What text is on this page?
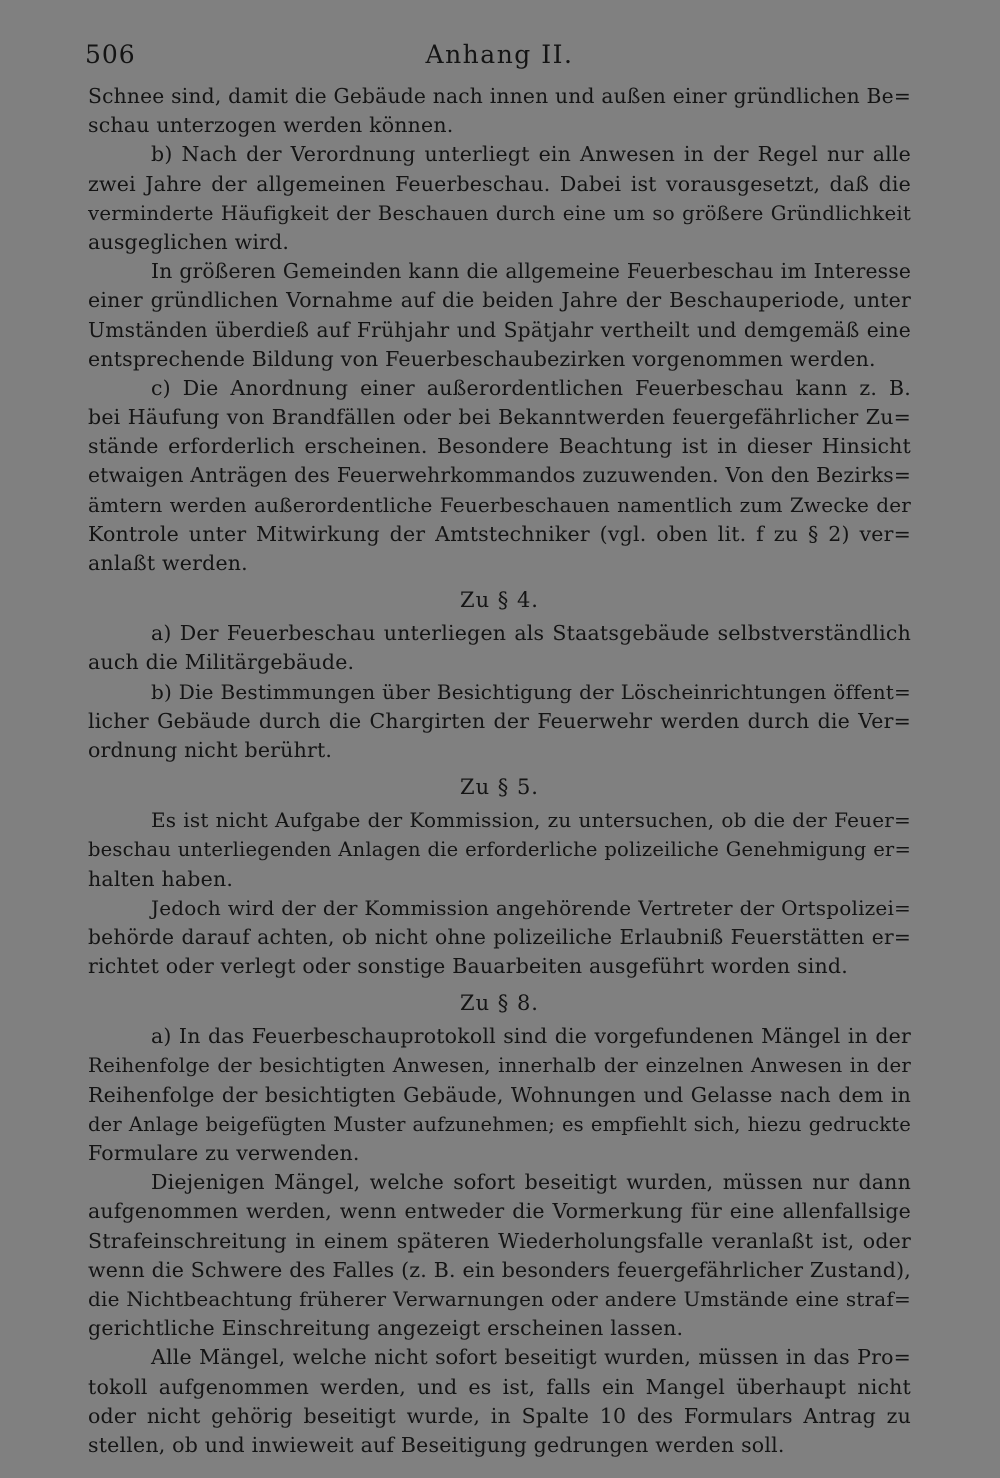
506	Anhang II.
Schnee sind, damit die Gebäude nach innen und außen einer gründlichen Be=
schau unterzogen werden können.
b) Nach der Verordnung unterliegt ein Anwesen in der Regel nur alle
zwei Jahre der allgemeinen Feuerbeschau. Dabei ist vorausgesetzt, daß die
verminderte Häufigkeit der Beschauen durch eine um so größere Gründlichkeit
ausgeglichen wird.
In größeren Gemeinden kann die allgemeine Feuerbeschau im Interesse
einer gründlichen Vornahme auf die beiden Jahre der Beschauperiode, unter
Umständen überdieß auf Frühjahr und Spätjahr vertheilt und demgemäß eine
entsprechende Bildung von Feuerbeschaubezirken vorgenommen werden.
c) Die Anordnung einer außerordentlichen Feuerbeschau kann z. B.
bei Häufung von Brandfällen oder bei Bekanntwerden feuergefährlicher Zu=
stände erforderlich erscheinen. Besondere Beachtung ist in dieser Hinsicht
etwaigen Anträgen des Feuerwehrkommandos zuzuwenden. Von den Bezirks=
ämtern werden außerordentliche Feuerbeschauen namentlich zum Zwecke der
Kontrole unter Mitwirkung der Amtstechniker (vgl. oben lit. f zu § 2) ver=
anlaßt werden.
Zu § 4.
a) Der Feuerbeschau unterliegen als Staatsgebäude selbstverständlich
auch die Militärgebäude.
b) Die Bestimmungen über Besichtigung der Löscheinrichtungen öffent=
licher Gebäude durch die Chargirten der Feuerwehr werden durch die Ver=
ordnung nicht berührt.
Zu § 5.
Es ist nicht Aufgabe der Kommission, zu untersuchen, ob die der Feuer=
beschau unterliegenden Anlagen die erforderliche polizeiliche Genehmigung er=
halten haben.
Jedoch wird der der Kommission angehörende Vertreter der Ortspolizei=
behörde darauf achten, ob nicht ohne polizeiliche Erlaubniß Feuerstätten er=
richtet oder verlegt oder sonstige Bauarbeiten ausgeführt worden sind.
Zu § 8.
a) In das Feuerbeschauprotokoll sind die vorgefundenen Mängel in der
Reihenfolge der besichtigten Anwesen, innerhalb der einzelnen Anwesen in der
Reihenfolge der besichtigten Gebäude, Wohnungen und Gelasse nach dem in
der Anlage beigefügten Muster aufzunehmen; es empfiehlt sich, hiezu gedruckte
Formulare zu verwenden.
Diejenigen Mängel, welche sofort beseitigt wurden, müssen nur dann
aufgenommen werden, wenn entweder die Vormerkung für eine allenfallsige
Strafeinschreitung in einem späteren Wiederholungsfalle veranlaßt ist, oder
wenn die Schwere des Falles (z. B. ein besonders feuergefährlicher Zustand),
die Nichtbeachtung früherer Verwarnungen oder andere Umstände eine straf=
gerichtliche Einschreitung angezeigt erscheinen lassen.
Alle Mängel, welche nicht sofort beseitigt wurden, müssen in das Pro=
tokoll aufgenommen werden, und es ist, falls ein Mangel überhaupt nicht
oder nicht gehörig beseitigt wurde, in Spalte 10 des Formulars Antrag zu
stellen, ob und inwieweit auf Beseitigung gedrungen werden soll.
